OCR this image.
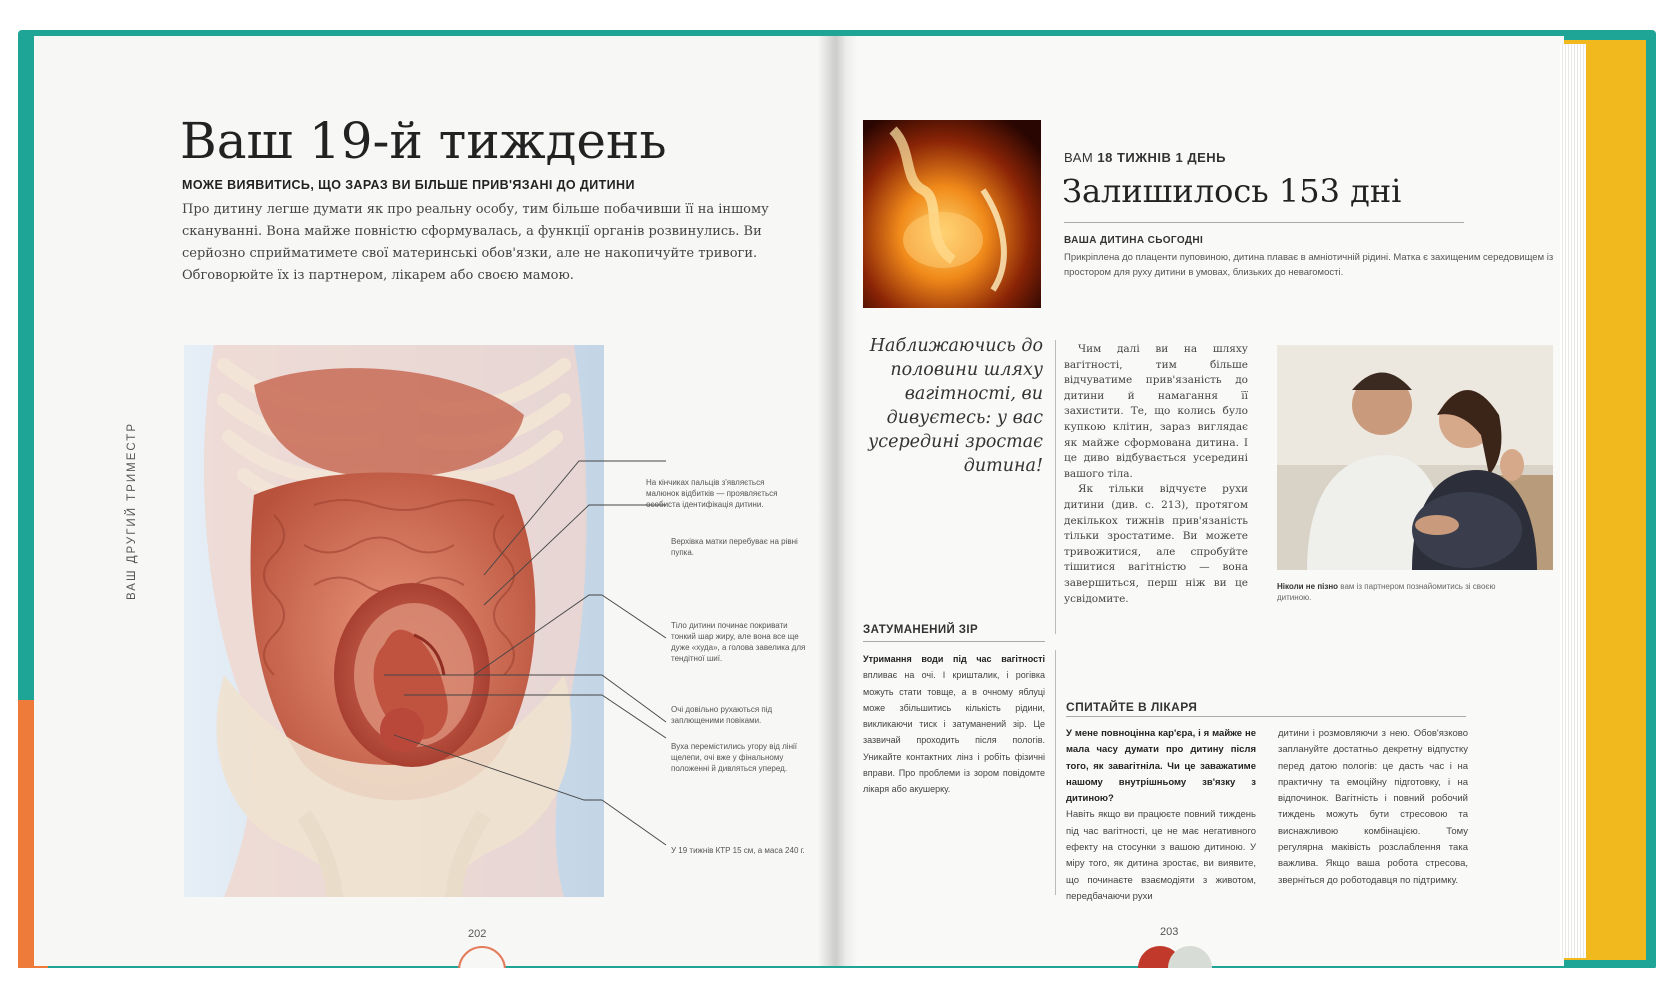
Ваш 19-й тиждень
МОЖЕ ВИЯВИТИСЬ, ЩО ЗАРАЗ ВИ БІЛЬШЕ ПРИВ'ЯЗАНІ ДО ДИТИНИ
Про дитину легше думати як про реальну особу, тим більше побачивши її на іншому скануванні. Вона майже повністю сформувалась, а функції органів розвинулись. Ви серйозно сприйматимете свої материнські обов'язки, але не накопичуйте тривоги. Обговорюйте їх із партнером, лікарем або своєю мамою.
ВАШ ДРУГИЙ ТРИМЕСТР	На кінчиках пальців з'являється малюнок відбитків — проявляється особиста ідентифікація дитини.
Верхівка матки перебуває на рівні пупка.
Тіло дитини починає покривати тонкий шар жиру, але вона все ще дуже «худа», а голова завелика для тендітної шиї.
Очі довільно рухаються під заплющеними повіками.
Вуха перемістились угору від лінії щелепи, очі вже у фінальному положенні й дивляться уперед.
У 19 тижнів КТР 15 см, а маса 240 г.
202
ВАМ 18 ТИЖНІВ 1 ДЕНЬ
Залишилось 153 дні
ВАША ДИТИНА СЬОГОДНІ
Прикріплена до плаценти пуповиною, дитина плаває в амніотичній рідині. Матка є захищеним середовищем із простором для руху дитини в умовах, близьких до невагомості.
Наближаючись до половини шляху вагітності, ви дивуєтесь: у вас усередині зростає дитина!

Чим далі ви на шляху вагітності, тим більше відчуватиме прив'язаність до дитини й намагання її захистити. Те, що колись було купкою клітин, зараз виглядає як майже сформована дитина. І це диво відбувається усередині вашого тіла.

Як тільки відчуєте рухи дитини (див. с. 213), протягом декількох тижнів прив'язаність тільки зростатиме. Ви можете тривожитися, але спробуйте тішитися вагітністю — вона завершиться, перш ніж ви це усвідомите.

Ніколи не пізно вам із партнером познайомитись зі своєю дитиною.
ЗАТУМАНЕНИЙ ЗІР
Утримання води під час вагітності впливає на очі. І кришталик, і рогівка можуть стати товще, а в очному яблуці може збільшитись кількість рідини, викликаючи тиск і затуманений зір. Це зазвичай проходить після пологів. Уникайте контактних лінз і робіть фізичні вправи. Про проблеми із зором повідомте лікаря або акушерку.
СПИТАЙТЕ В ЛІКАРЯ
У мене повноцінна кар'єра, і я майже не мала часу думати про дитину після того, як завагітніла. Чи це заважатиме нашому внутрішньому зв'язку з дитиною?
Навіть якщо ви працюєте повний тиждень під час вагітності, це не має негативного ефекту на стосунки з вашою дитиною. У міру того, як дитина зростає, ви виявите, що починаєте взаємодіяти з животом, передбачаючи рухи
дитини і розмовляючи з нею. Обов'язково заплануйте достатньо декретну відпустку перед датою пологів: це дасть час і на практичну та емоційну підготовку, і на відпочинок. Вагітність і повний робочий тиждень можуть бути стресовою та виснажливою комбінацією. Тому регулярна маківість розслаблення така важлива. Якщо ваша робота стресова, зверніться до роботодавця по підтримку.
203
